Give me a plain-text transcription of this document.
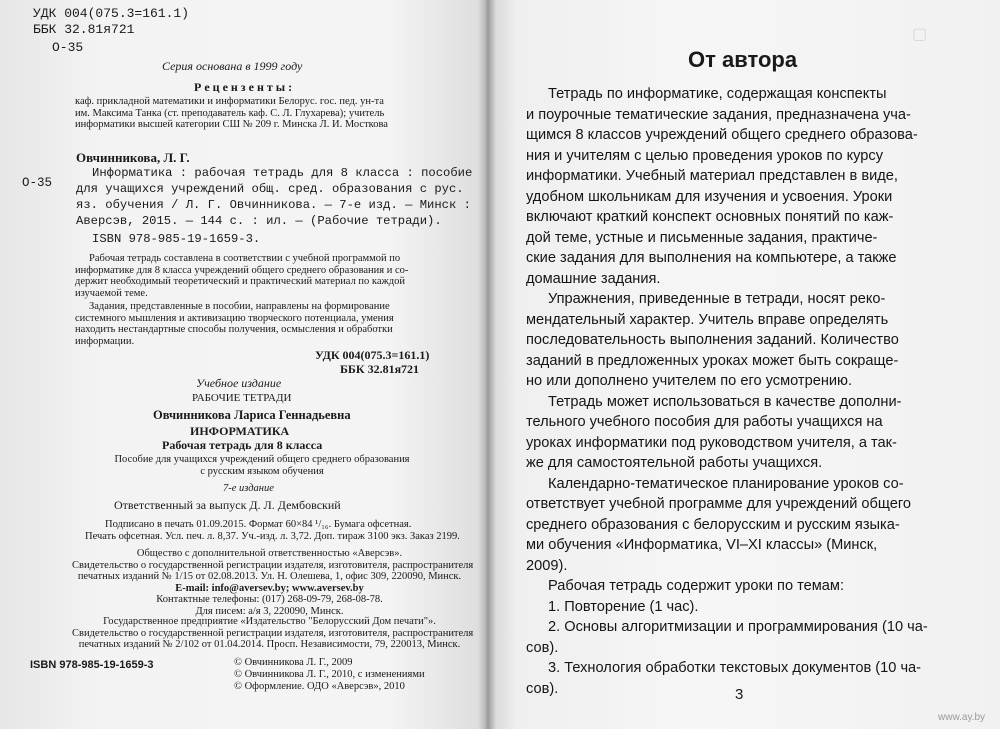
УДК 004(075.3=161.1)
ББК 32.81я721
О-35
Серия основана в 1999 году
Р е ц е н з е н т ы :
каф. прикладной математики и информатики Белорус. гос. пед. ун-та
им. Максима Танка (ст. преподаватель каф. С. Л. Глухарева); учитель
информатики высшей категории СШ № 209 г. Минска Л. И. Мосткова
Овчинникова, Л. Г.
О-35
Информатика : рабочая тетрадь для 8 класса : пособие
для учащихся учреждений общ. сред. образования с рус.
яз. обучения / Л. Г. Овчинникова. — 7-е изд. — Минск :
Аверсэв, 2015. — 144 с. : ил. — (Рабочие тетради).
ISBN 978-985-19-1659-3.
Рабочая тетрадь составлена в соответствии с учебной программой по
информатике для 8 класса учреждений общего среднего образования и со-
держит необходимый теоретический и практический материал по каждой
изучаемой теме.
Задания, представленные в пособии, направлены на формирование
системного мышления и активизацию творческого потенциала, умения
находить нестандартные способы получения, осмысления и обработки
информации.
УДК 004(075.3=161.1)
ББК 32.81я721
Учебное издание
РАБОЧИЕ ТЕТРАДИ
Овчинникова Лариса Геннадьевна
ИНФОРМАТИКА
Рабочая тетрадь для 8 класса
Пособие для учащихся учреждений общего среднего образования
с русским языком обучения
7-е издание
Ответственный за выпуск Д. Л. Дембовский
Подписано в печать 01.09.2015. Формат 60×84 ¹/₁₆. Бумага офсетная.
Печать офсетная. Усл. печ. л. 8,37. Уч.-изд. л. 3,72. Доп. тираж 3100 экз. Заказ 2199.
Общество с дополнительной ответственностью «Аверсэв».
Свидетельство о государственной регистрации издателя, изготовителя, распространителя
печатных изданий № 1/15 от 02.08.2013. Ул. Н. Олешева, 1, офис 309, 220090, Минск.
E-mail: info@aversev.by; www.aversev.by
Контактные телефоны: (017) 268-09-79, 268-08-78.
Для писем: а/я 3, 220090, Минск.
Государственное предприятие «Издательство "Белорусский Дом печати"».
Свидетельство о государственной регистрации издателя, изготовителя, распространителя
печатных изданий № 2/102 от 01.04.2014. Просп. Независимости, 79, 220013, Минск.
ISBN 978-985-19-1659-3	© Овчинникова Л. Г., 2009
© Овчинникова Л. Г., 2010, с изменениями
© Оформление. ОДО «Аверсэв», 2010
▢
От автора
Тетрадь по информатике, содержащая конспекты
и поурочные тематические задания, предназначена уча-
щимся 8 классов учреждений общего среднего образова-
ния и учителям с целью проведения уроков по курсу
информатики. Учебный материал представлен в виде,
удобном школьникам для изучения и усвоения. Уроки
включают краткий конспект основных понятий по каж-
дой теме, устные и письменные задания, практиче-
ские задания для выполнения на компьютере, а также
домашние задания.
Упражнения, приведенные в тетради, носят реко-
мендательный характер. Учитель вправе определять
последовательность выполнения заданий. Количество
заданий в предложенных уроках может быть сокраще-
но или дополнено учителем по его усмотрению.
Тетрадь может использоваться в качестве дополни-
тельного учебного пособия для работы учащихся на
уроках информатики под руководством учителя, а так-
же для самостоятельной работы учащихся.
Календарно-тематическое планирование уроков со-
ответствует учебной программе для учреждений общего
среднего образования с белорусским и русским языка-
ми обучения «Информатика, VI–XI классы» (Минск,
2009).
Рабочая тетрадь содержит уроки по темам:
1. Повторение (1 час).
2. Основы алгоритмизации и программирования (10 ча-
сов).
3. Технология обработки текстовых документов (10 ча-
сов).	3
www.ay.by
